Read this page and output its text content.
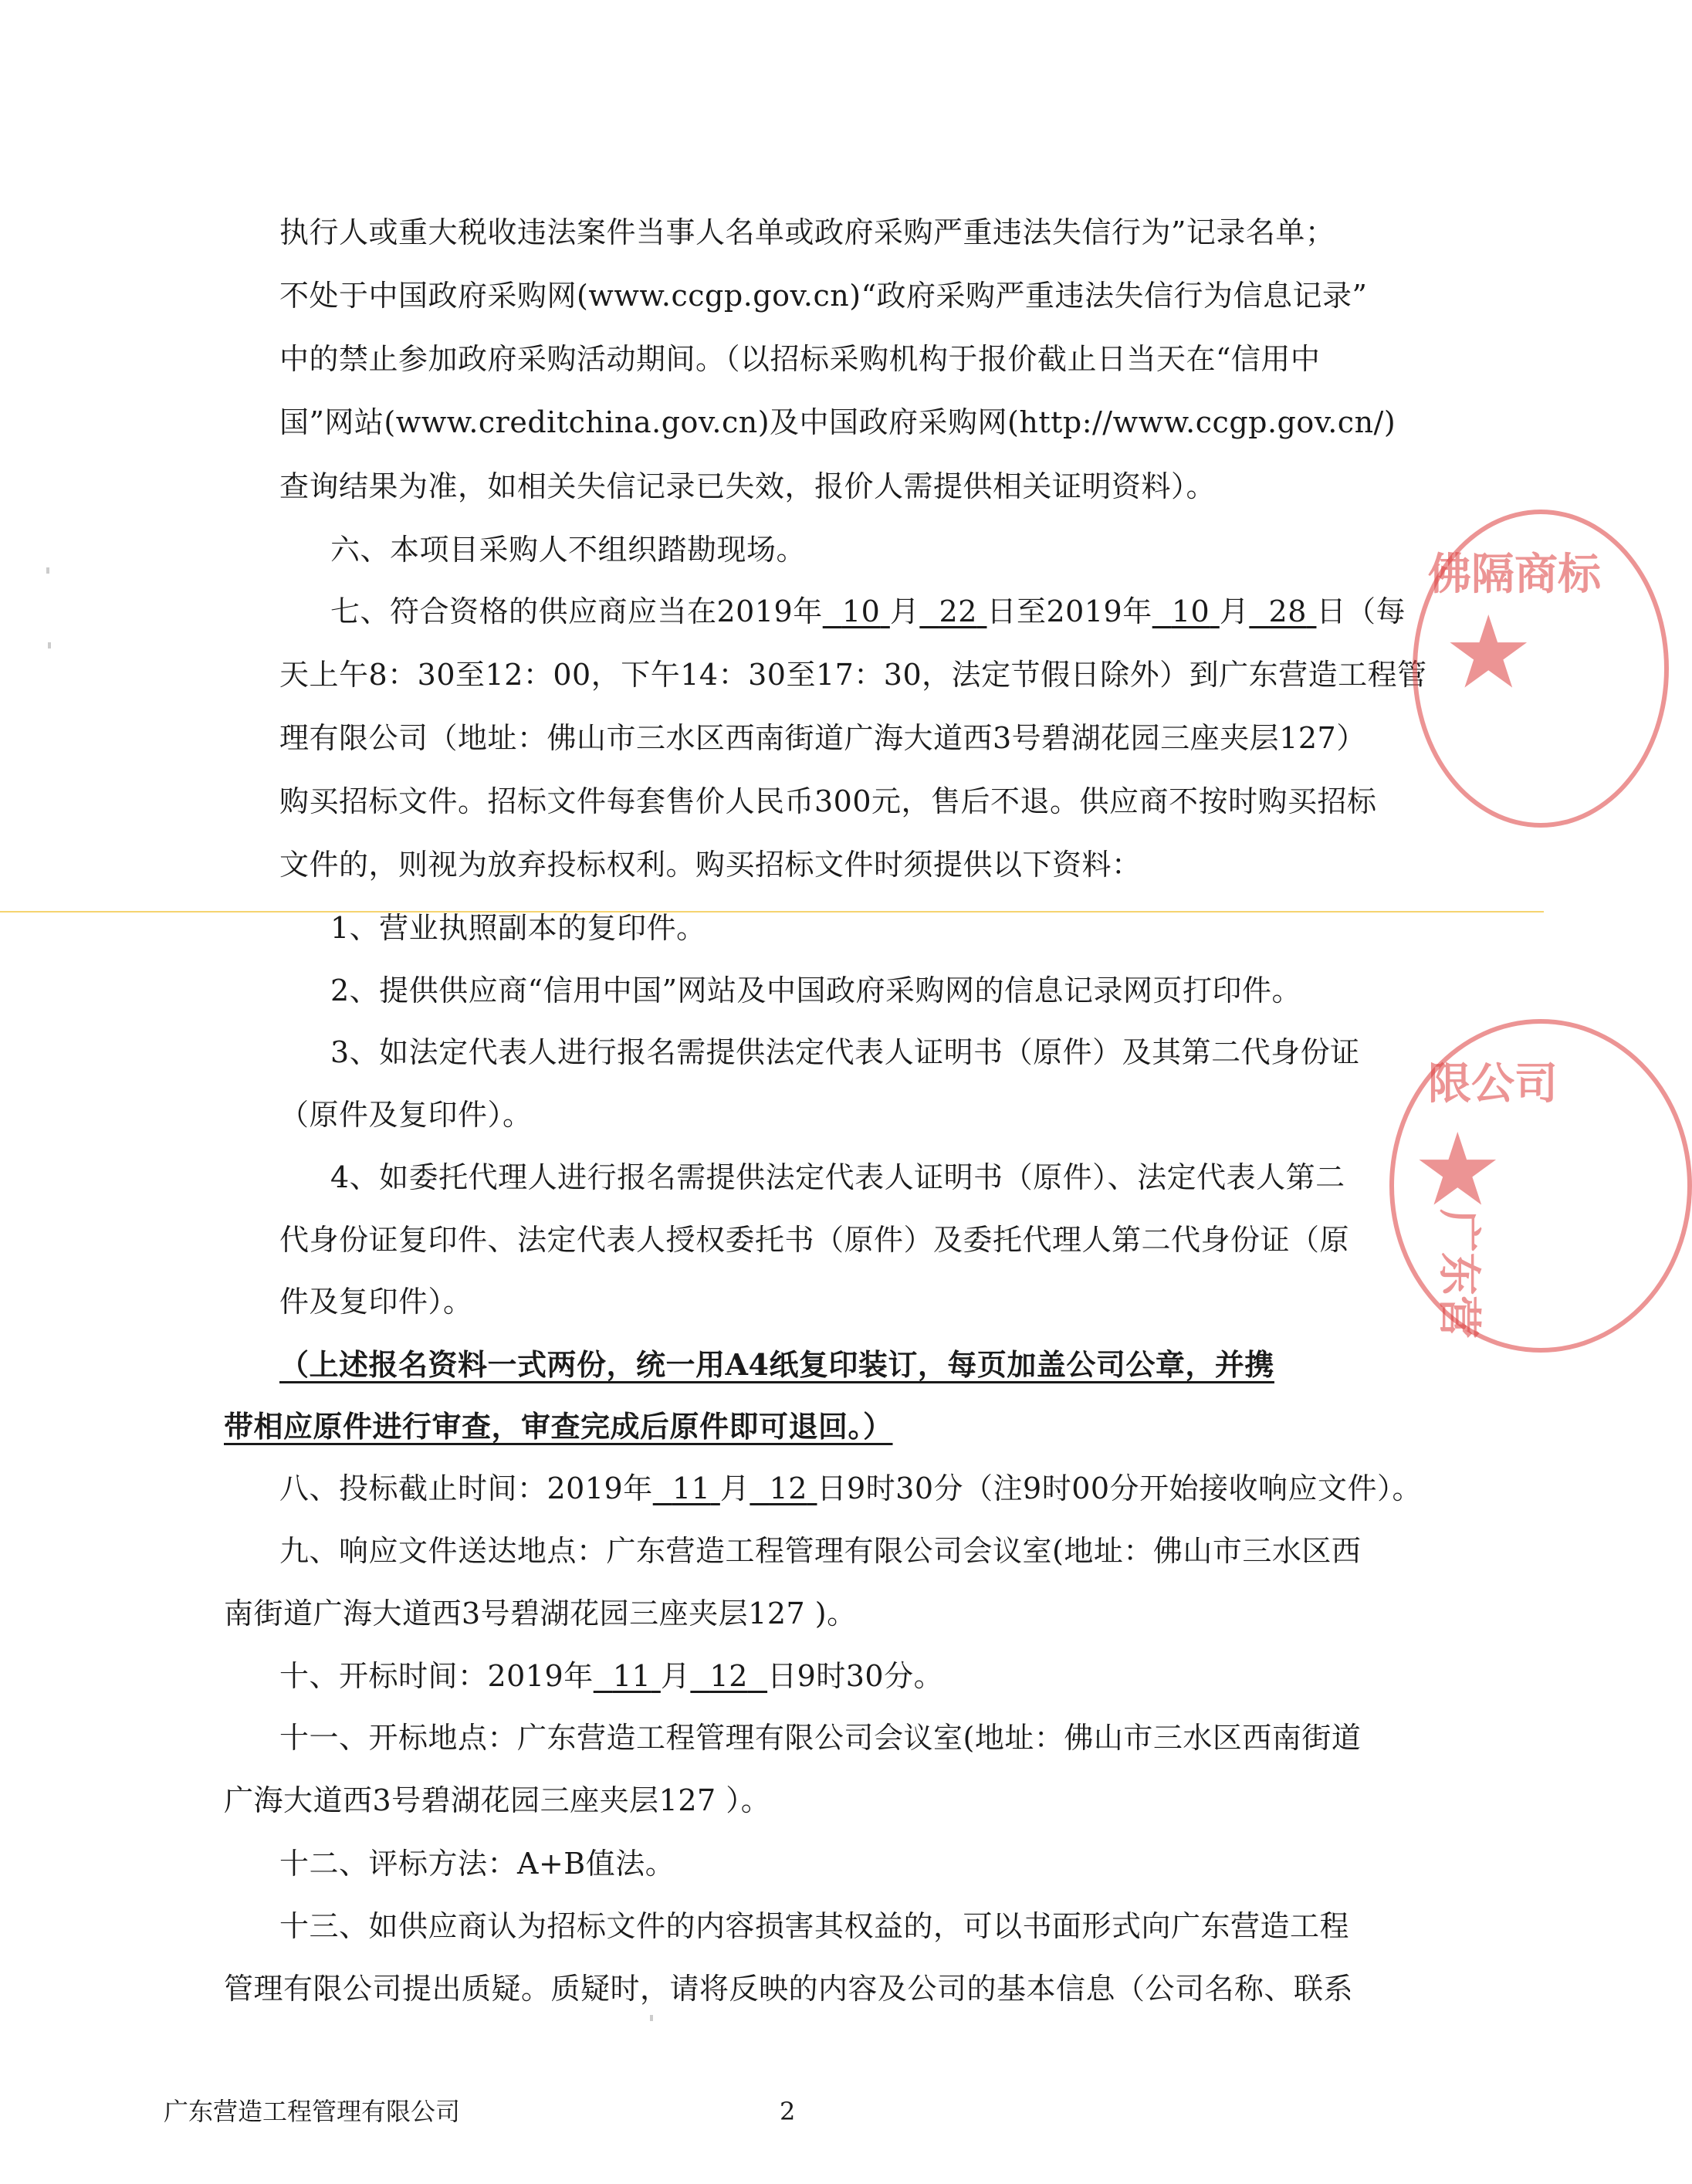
执行人或重大税收违法案件当事人名单或政府采购严重违法失信行为”记录名单；
不处于中国政府采购网(www.ccgp.gov.cn)“政府采购严重违法失信行为信息记录”
中的禁止参加政府采购活动期间。（以招标采购机构于报价截止日当天在“信用中
国”网站(www.creditchina.gov.cn)及中国政府采购网(http://www.ccgp.gov.cn/)
查询结果为准，如相关失信记录已失效，报价人需提供相关证明资料）。
六、本项目采购人不组织踏勘现场。
七、符合资格的供应商应当在2019年 10 月 22 日至2019年 10 月 28 日（每
天上午8：30至12：00，下午14：30至17：30，法定节假日除外）到广东营造工程管
理有限公司（地址：佛山市三水区西南街道广海大道西3号碧湖花园三座夹层127）
购买招标文件。招标文件每套售价人民币300元，售后不退。供应商不按时购买招标
文件的，则视为放弃投标权利。购买招标文件时须提供以下资料：
1、营业执照副本的复印件。
2、提供供应商“信用中国”网站及中国政府采购网的信息记录网页打印件。
3、如法定代表人进行报名需提供法定代表人证明书（原件）及其第二代身份证
（原件及复印件）。
4、如委托代理人进行报名需提供法定代表人证明书（原件）、法定代表人第二
代身份证复印件、法定代表人授权委托书（原件）及委托代理人第二代身份证（原
件及复印件）。
（上述报名资料一式两份，统一用A4纸复印装订，每页加盖公司公章，并携
带相应原件进行审查，审查完成后原件即可退回。）
八、投标截止时间：2019年 11 月 12 日9时30分（注9时00分开始接收响应文件）。
九、响应文件送达地点：广东营造工程管理有限公司会议室(地址：佛山市三水区西
南街道广海大道西3号碧湖花园三座夹层127 )。
十、开标时间：2019年 11 月 12 日9时30分。
十一、开标地点：广东营造工程管理有限公司会议室(地址：佛山市三水区西南街道
广海大道西3号碧湖花园三座夹层127 ）。
十二、评标方法：A+B值法。
十三、如供应商认为招标文件的内容损害其权益的，可以书面形式向广东营造工程
管理有限公司提出质疑。质疑时，请将反映的内容及公司的基本信息（公司名称、联系
广东营造工程管理有限公司	2
佛隔商标
★
限公司
★
广东营
